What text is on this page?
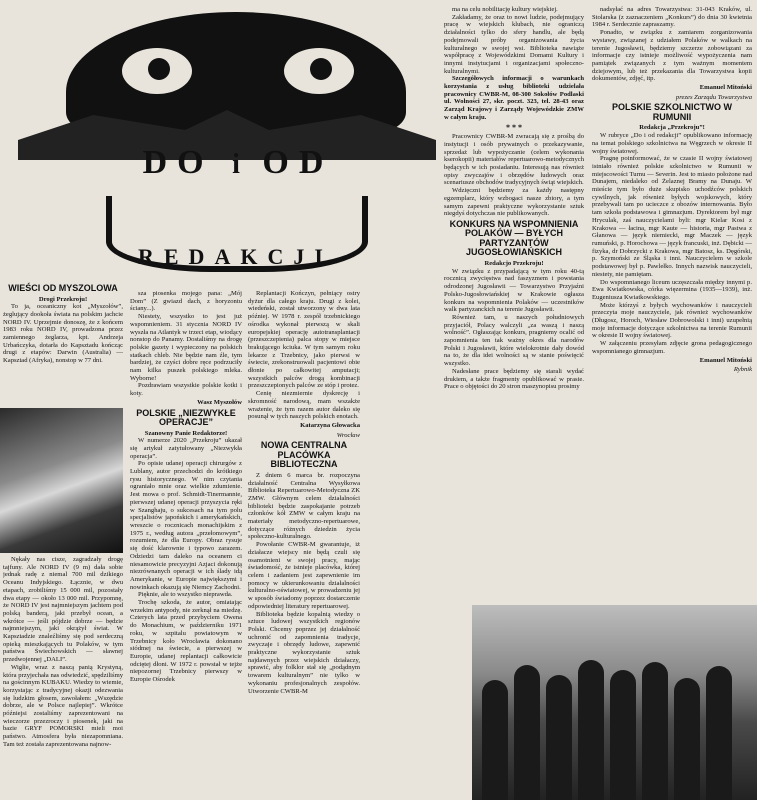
DO i OD
REDAKCJI
WIEŚCI OD MYSZOLOWA
Drogi Przekroju!

To ja, oceaniczny kot „Myszołów”, żeglujący dookoła świata na polskim jachcie NORD IV. Uprzejmie donoszę, że z końcem 1983 roku NORD IV, prowadzona przez zamiennego żeglarza, kpt. Andrzeja Urbańczyka, dotarła do Kapsztadu kończąc drugi z etapów: Darwin (Australia) — Kapsztad (Afryka), nonstop w 77 dni.

Nękały nas cisze, zagradzały drogę tajfuny. Ale NORD IV (9 m) dała sobie jednak radę z niemal 700 mil dzikiego Oceanu Indyjskiego. Łącznie, w dwu etapach, zrobiliśmy 15 000 mil, pozostały dwa etapy — około 13 000 mil. Przypomnę, że NORD IV jest najmniejszym jachtem pod polską banderą, jaki przebył ocean, a wkrótce — jeśli pójdzie dobrze — będzie najmniejszym, jaki okrążył świat. W Kapsztadzie znaleźliśmy się pod serdeczną opieką mieszkających tu Polaków, w tym państwa Świechowskich — sławnej przedwojennej „DALI”.

Wiglie, wraz z naszą panią Krystyną, która przyjechała nas odwiedzić, spędziliśmy na gościnnym KUBAKU. Wiedzy to wiemie, korzystając z tradycyjnej okazji odezwania się ludzkim głosem, zawołałem: „Wszędzie dobrze, ale w Polsce najlepiej”. Wkrótce późniejsi zostaliśmy zaprezentowani na wieczorze przezroczy i piosenek, jaki na bazie GRYF POMORSKI mieli moi państwo. Atmosfera była niezapomniana. Tam też została zaprezentowana najnow-

sza piosenka mojego pana: „Mój Dom” (Z gwiazd dach, z horyzontu ściany...).

Niestety, wszystko to jest już wspomnieniem. 31 stycznia NORD IV wyszła na Atlantyk w trzeci etap, wiodący nonstop do Panamy. Dostaliśmy na drogę polskie gazety i wypieczony na polskich statkach chleb. Nie będzie nam źle, tym bardziej, że czyści dobre ręce podrzuciły nam kilka puszek polskiego mleka. Wyborne!

Pozdrawiam wszystkie polskie kotki i koty.

Wasz Myszołów
POLSKIE „NIEZWYKŁE OPERACJE”
Szanowny Panie Redaktorze!

W numerze 2020 „Przekroju” ukazał się artykuł zatytułowany „Niezwykła operacja”.

Po opisie udanej operacji chirurgów z Lublany, autor przechodzi do krótkiego rysu historycznego. W nim czytania ograniało mnie oraz wielkie zdumienie. Jest mowa o prof. Schmidt-Tinermannie, pierwszej udanej operacji przyszycia ręki w Szanghaju, o sukcesach na tym polu specjalistów japońskich i amerykańskich, wreszcie o rocznicach monachijskim z 1975 r., według autora „przełomowym”, rozumiem, że dla Europy. Obraz rysuje się dość klarownie i typowo zarazem. Odziedzi tam daleko na oceanem ci niesamowicie precyzyjni Azjaci dokonują niezrównanych operacji w ich ślady idą Amerykanie, w Europie największymi i nowinkach okazują się Niemcy Zachodni.

Pięknie, ale to wszystko nieprawda.

Trochę szkoda, że autor, omiatając wrzekim antypody, nie zerknął na miedzę. Czterych lata przed przybyciem Owena do Monachium, w październiku 1971 roku, w szpitalu powiatowym w Trzebnicy koło Wrocławia dokonano siódmej na świecie, a pierwszej w Europie, udanej replantacji całkowicie odciętej dłoni. W 1972 r. powstał w tejże niepozornej Trzebnicy pierwszy w Europie Ośrodek

Replantacji Kończyn, pełniący ostry dyżur dla całego kraju. Drugi z kolei, wiedeński, został utworzony w dwa lata później. W 1978 r. zespół trzebnickiego ośrodka wykonał pierwszą w skali europejskiej operację autotransplantacji (przeszczepienia) palca stopy w miejsce brakującego kciuka. W tym samym roku lekarze z Trzebnicy, jako pierwsi w świecie, zrekonstruowali pacjentowi obie dłonie po całkowitej amputacji; wszystkich palców drogą kombinacji przeszczepionych palców ze stóp i protez.

Cenię niezmiernie dyskrecję i skromność narodową, mam wszakże wrażenie, że tym razem autor daleko się posunął w tych naszych polskich enotach.

Katarzyna Głowacka
Wrocław
NOWA CENTRALNA PLACÓWKA BIBLIOTECZNA

Z dniem 6 marca br. rozpoczyna działalność Centralna Wysyłkowa Biblioteka Repertuarowo-Metodyczna ZK ZMW. Głównym celem działalności biblioteki będzie zaspokajanie potrzeb członków kół ZMW w całym kraju na materiały metodyczno-repertuarowe, dotyczące różnych dziedzin życia społeczno-kulturalnego.

Powołanie CWBR-M gwarantuje, iż działacze wiejscy nie będą czuli się osamotnieni w swojej pracy, mając świadomość, że istnieje placówka, której celem i zadaniem jest zapewnienie im pomocy w ukierunkowaniu działalności kulturalno-oświatowej, w prowadzeniu jej w sposób świadomy poprzez dostarczenie odpowiedniej literatury repertuarowej.

Biblioteka będzie kopalnią wiedzy o sztuce ludowej wszystkich regionów Polski. Chcemy poprzez jej działalność uchronić od zapomnienia tradycje, zwyczaje i obrzędy ludowe, zapewnić praktyczne wykorzystanie sztuk najdawnych przez wiejskich działaczy, sprawić, aby folklor stał się „podądnym towarem kulturalnym” nie tylko w wykonaniu profesjonalnych zespołów. Utworzenie CWBR-M

ma na celu nobilitację kultury wiejskiej.

Zakładamy, że oraz to nowi ludzie, podejmujący pracę w wiejskich klubach, nie ograniczą działalności tylko do sfery handlu, ale będą podejmowali próby organizowania życia kulturalnego w swojej wsi. Biblioteka nawiąże współpracę z Wojewódzkimi Domami Kultury i innymi instytucjami i organizacjami społeczno-kulturalnymi.

Szczegółowych informacji o warunkach korzystania z usług biblioteki udzielała pracownicy CWBR-M, 08-300 Sokołów Podlaski ul. Wolności 27, skr. poczt. 323, tel. 28-43 oraz Zarząd Krajowy i Zarządy Wojewódzkie ZMW w całym kraju.

* * *

Pracownicy CWBR-M zwracają się z prośbą do instytucji i osób prywatnych o przekazywanie, sprzedaż lub wypożyczanie (celem wykonania kserokopii) materiałów repertuarowo-metodycznych będących w ich posiadaniu. Interesują nas również opisy zwyczajów i obrzędów ludowych oraz scenariusze obchodów tradycyjnych świąt wiejskich.

Wdzięczni będziemy za każdy następny egzemplarz, który wzbogaci nasze zbiory, a tym samym zapewni praktyczne wykorzystanie sztuk niegdyś dotychczas nie publikowanych.

KONKURS NA WSPOMNIENIA POLAKÓW — BYŁYCH PARTYZANTÓW JUGOSŁOWIAŃSKICH
Redakcjo Przekroju!

W związku z przypadającą w tym roku 40-tą rocznicą zwycięstwa nad faszyzmem i powstania odrodzonej Jugosławii — Towarzystwo Przyjaźni Polsko-Jugosłowiańskiej w Krakowie ogłasza konkurs na wspomnienia Polaków — uczestników walk partyzanckich na terenie Jugosławii.

Również tam, u naszych południowych przyjaciół, Polacy walczyli „za waszą i naszą wolność”. Ogłaszając konkurs, pragniemy ocalić od zapomnienia ten tak ważny okres dla narodów Polski i Jugosławii, które wielokrotnie dały dowód na to, że dla idei wolności są w stanie poświęcić wszystko.

Nadesłane prace będziemy się starali wydać drukiem, a także fragmenty opublikować w prasie. Prace o objętości do 20 stron maszynopisu prosimy

nadsyłać na adres Towarzystwa: 31-043 Kraków, ul. Stolarska (z zaznaczeniem „Konkurs”) do dnia 30 kwietnia 1984 r. Serdecznie zapraszamy.

Ponadto, w związku z zamiarem zorganizowania wystawy, związanej z udziałem Polaków w walkach na terenie Jugosławii, będziemy szczerze zobowiązani za informacje czy istnieje możliwość wypożyczenia nam pamiątek związanych z tym ważnym momentem dziejowym, lub też przekazania dla Towarzystwa kopii dokumentów, zdjęć, itp.

Emanuel Mitoński
prezes Zarządu Towarzystwa
POLSKIE SZKOLNICTWO W RUMUNII
Redakcja „Przekroju”!

W rubryce „Do i od redakcji” opublikowano informację na temat polskiego szkolnictwa na Węgrzech w okresie II wojny światowej.

Pragnę poinformować, że w czasie II wojny światowej istniało również polskie szkolnictwo w Rumunii w miejscowości Turnu — Severin. Jest to miasto położone nad Dunajem, niedaleko od Żelaznej Bramy na Dunaju. W mieście tym było duże skupisko uchodźców polskich cywilnych, jak również byłych wojskowych, który przebywali tam po ucieczce z obozów internowania. Było tam szkoła podstawowa i gimnazjum. Dyrektorem był mgr Hryculak, zaś nauczycielami byli: mgr Kielar Kosi z Krakowa — łacina, mgr Kaute — historia, mgr Pastwa z Głanowa — język niemiecki, mgr Maczek — język rumuński, p. Horochowa — język francuski, inż. Dębicki — fizyka, dr Dobrzycki z Krakowa, mgr Batosz, ks. Dęgórski, p. Szymoński ze Śląska i inni. Nauczycielem w szkole podstawowej był p. Pawlełko. Innych nazwisk nauczycieli, niestety, nie pamiętam.

Do wspomnianego liceum uczęszczała między innymi p. Ewa Kwiatkowska, córka więzermina (1935—1939), inż. Eugeniusza Kwiatkowskiego.

Może którzyś z byłych wychowanków i nauczycieli przeczyta moje nauczyciele, jak również wychowanków (Długosz, Horoch, Wiesław Dobrowolski i inni) uzupełnią moje informacje dotyczące szkolnictwa na terenie Rumunii w okresie II wojny światowej.

W załączeniu przesyłam zdjęcie grona pedagogicznego wspomnianego gimnazjum.

Emanuel Mitoński
Rybnik
